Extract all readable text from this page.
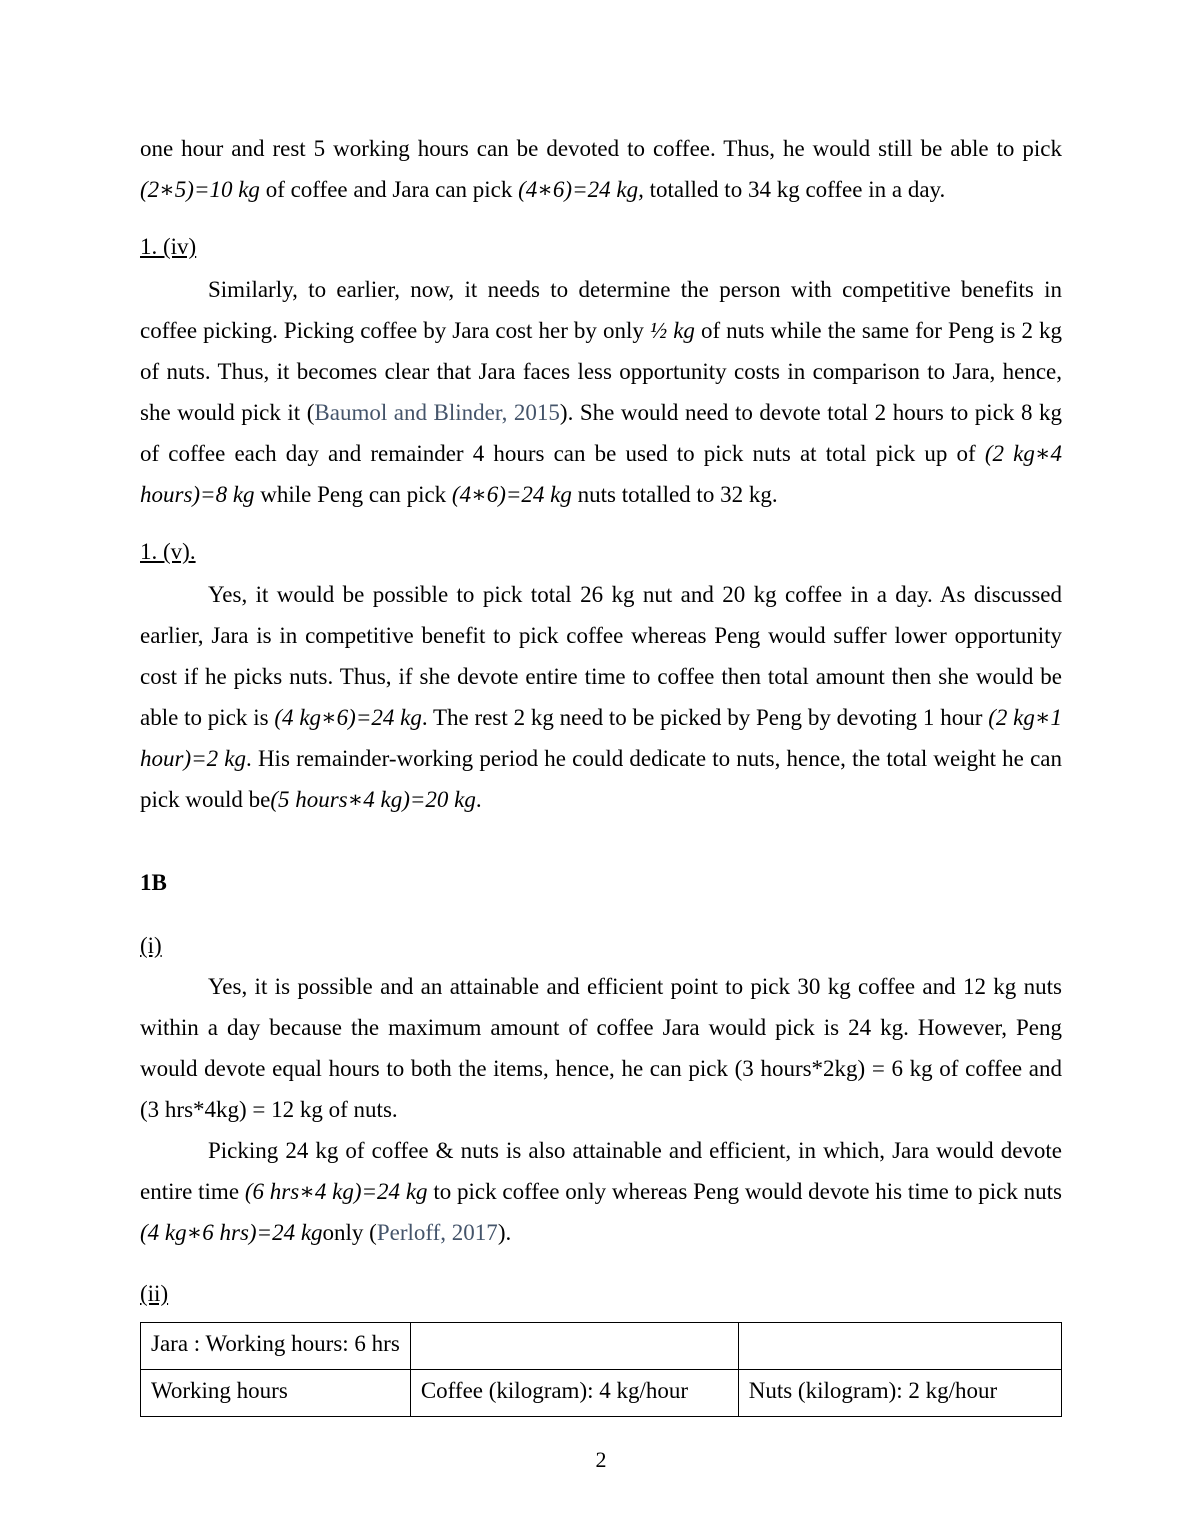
one hour and rest 5 working hours can be devoted to coffee. Thus, he would still be able to pick (2∗5)=10 kg of coffee and Jara can pick (4∗6)=24 kg, totalled to 34 kg coffee in a day.

1. (iv)

Similarly, to earlier, now, it needs to determine the person with competitive benefits in coffee picking. Picking coffee by Jara cost her by only ½ kg of nuts while the same for Peng is 2 kg of nuts. Thus, it becomes clear that Jara faces less opportunity costs in comparison to Jara, hence, she would pick it (Baumol and Blinder, 2015). She would need to devote total 2 hours to pick 8 kg of coffee each day and remainder 4 hours can be used to pick nuts at total pick up of (2 kg∗4 hours)=8 kg while Peng can pick (4∗6)=24 kg nuts totalled to 32 kg.

1. (v).

Yes, it would be possible to pick total 26 kg nut and 20 kg coffee in a day. As discussed earlier, Jara is in competitive benefit to pick coffee whereas Peng would suffer lower opportunity cost if he picks nuts. Thus, if she devote entire time to coffee then total amount then she would be able to pick is (4 kg∗6)=24 kg. The rest 2 kg need to be picked by Peng by devoting 1 hour (2 kg∗1 hour)=2 kg. His remainder-working period he could dedicate to nuts, hence, the total weight he can pick would be(5 hours∗4 kg)=20 kg.

1B
(i)

Yes, it is possible and an attainable and efficient point to pick 30 kg coffee and 12 kg nuts within a day because the maximum amount of coffee Jara would pick is 24 kg. However, Peng would devote equal hours to both the items, hence, he can pick (3 hours*2kg) = 6 kg of coffee and (3 hrs*4kg) = 12 kg of nuts.

Picking 24 kg of coffee & nuts is also attainable and efficient, in which, Jara would devote entire time (6 hrs∗4 kg)=24 kg to pick coffee only whereas Peng would devote his time to pick nuts (4 kg∗6 hrs)=24 kgonly (Perloff, 2017).

(ii)
Jara : Working hours: 6 hrs		
Working hours	Coffee (kilogram): 4 kg/hour	Nuts (kilogram): 2 kg/hour
2
